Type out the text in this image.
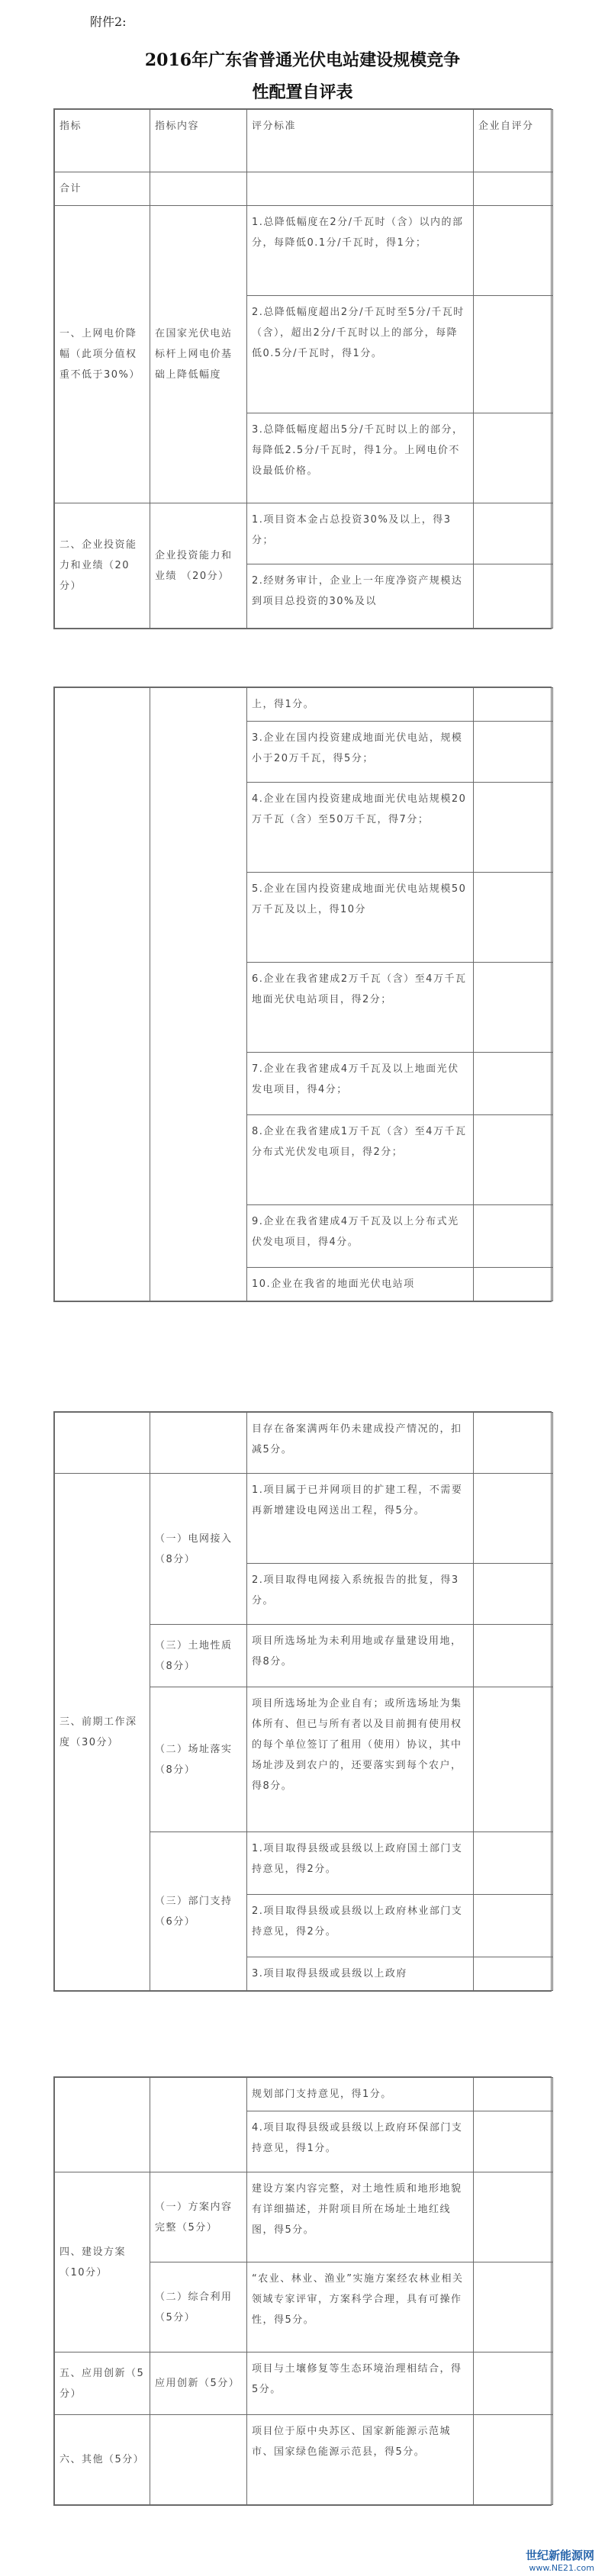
附件2:
2016年广东省普通光伏电站建设规模竞争
性配置自评表
指标	指标内容	评分标准	企业自评分
合计			
一、上网电价降幅（此项分值权重不低于30%）	在国家光伏电站标杆上网电价基础上降低幅度	1.总降低幅度在2分/千瓦时（含）以内的部分，每降低0.1分/千瓦时，得1分；	
		2.总降低幅度超出2分/千瓦时至5分/千瓦时（含），超出2分/千瓦时以上的部分，每降低0.5分/千瓦时，得1分。	
		3.总降低幅度超出5分/千瓦时以上的部分，每降低2.5分/千瓦时，得1分。上网电价不设最低价格。	
二、企业投资能力和业绩（20分）	企业投资能力和业绩 （20分）	1.项目资本金占总投资30%及以上，得3分；	
		2.经财务审计，企业上一年度净资产规模达到项目总投资的30%及以	
		上，得1分。	
		3.企业在国内投资建成地面光伏电站，规模小于20万千瓦，得5分；	
		4.企业在国内投资建成地面光伏电站规模20万千瓦（含）至50万千瓦，得7分；	
		5.企业在国内投资建成地面光伏电站规模50万千瓦及以上，得10分	
		6.企业在我省建成2万千瓦（含）至4万千瓦地面光伏电站项目，得2分；	
		7.企业在我省建成4万千瓦及以上地面光伏发电项目，得4分；	
		8.企业在我省建成1万千瓦（含）至4万千瓦分布式光伏发电项目，得2分；	
		9.企业在我省建成4万千瓦及以上分布式光伏发电项目，得4分。	
		10.企业在我省的地面光伏电站项	
		目存在备案满两年仍未建成投产情况的，扣减5分。	
三、前期工作深度（30分）	（一）电网接入（8分）	1.项目属于已并网项目的扩建工程，不需要再新增建设电网送出工程，得5分。	
		2.项目取得电网接入系统报告的批复，得3分。	
	（三）土地性质（8分）	项目所选场址为未利用地或存量建设用地，得8分。	
	（二）场址落实（8分）	项目所选场址为企业自有；或所选场址为集体所有、但已与所有者以及目前拥有使用权的每个单位签订了租用（使用）协议，其中场址涉及到农户的，还要落实到每个农户，得8分。	
	（三）部门支持（6分）	1.项目取得县级或县级以上政府国土部门支持意见，得2分。	
		2.项目取得县级或县级以上政府林业部门支持意见，得2分。	
		3.项目取得县级或县级以上政府	
		规划部门支持意见，得1分。	
		4.项目取得县级或县级以上政府环保部门支持意见，得1分。	
四、建设方案（10分）	（一）方案内容完整（5分）	建设方案内容完整，对土地性质和地形地貌有详细描述，并附项目所在场址土地红线图，得5分。	
	（二）综合利用（5分）	“农业、林业、渔业”实施方案经农林业相关领域专家评审，方案科学合理，具有可操作性，得5分。	
五、应用创新（5分）	应用创新（5分）	项目与土壤修复等生态环境治理相结合，得5分。	
六、其他（5分）		项目位于原中央苏区、国家新能源示范城市、国家绿色能源示范县，得5分。	
世纪新能源网
www.NE21.com
